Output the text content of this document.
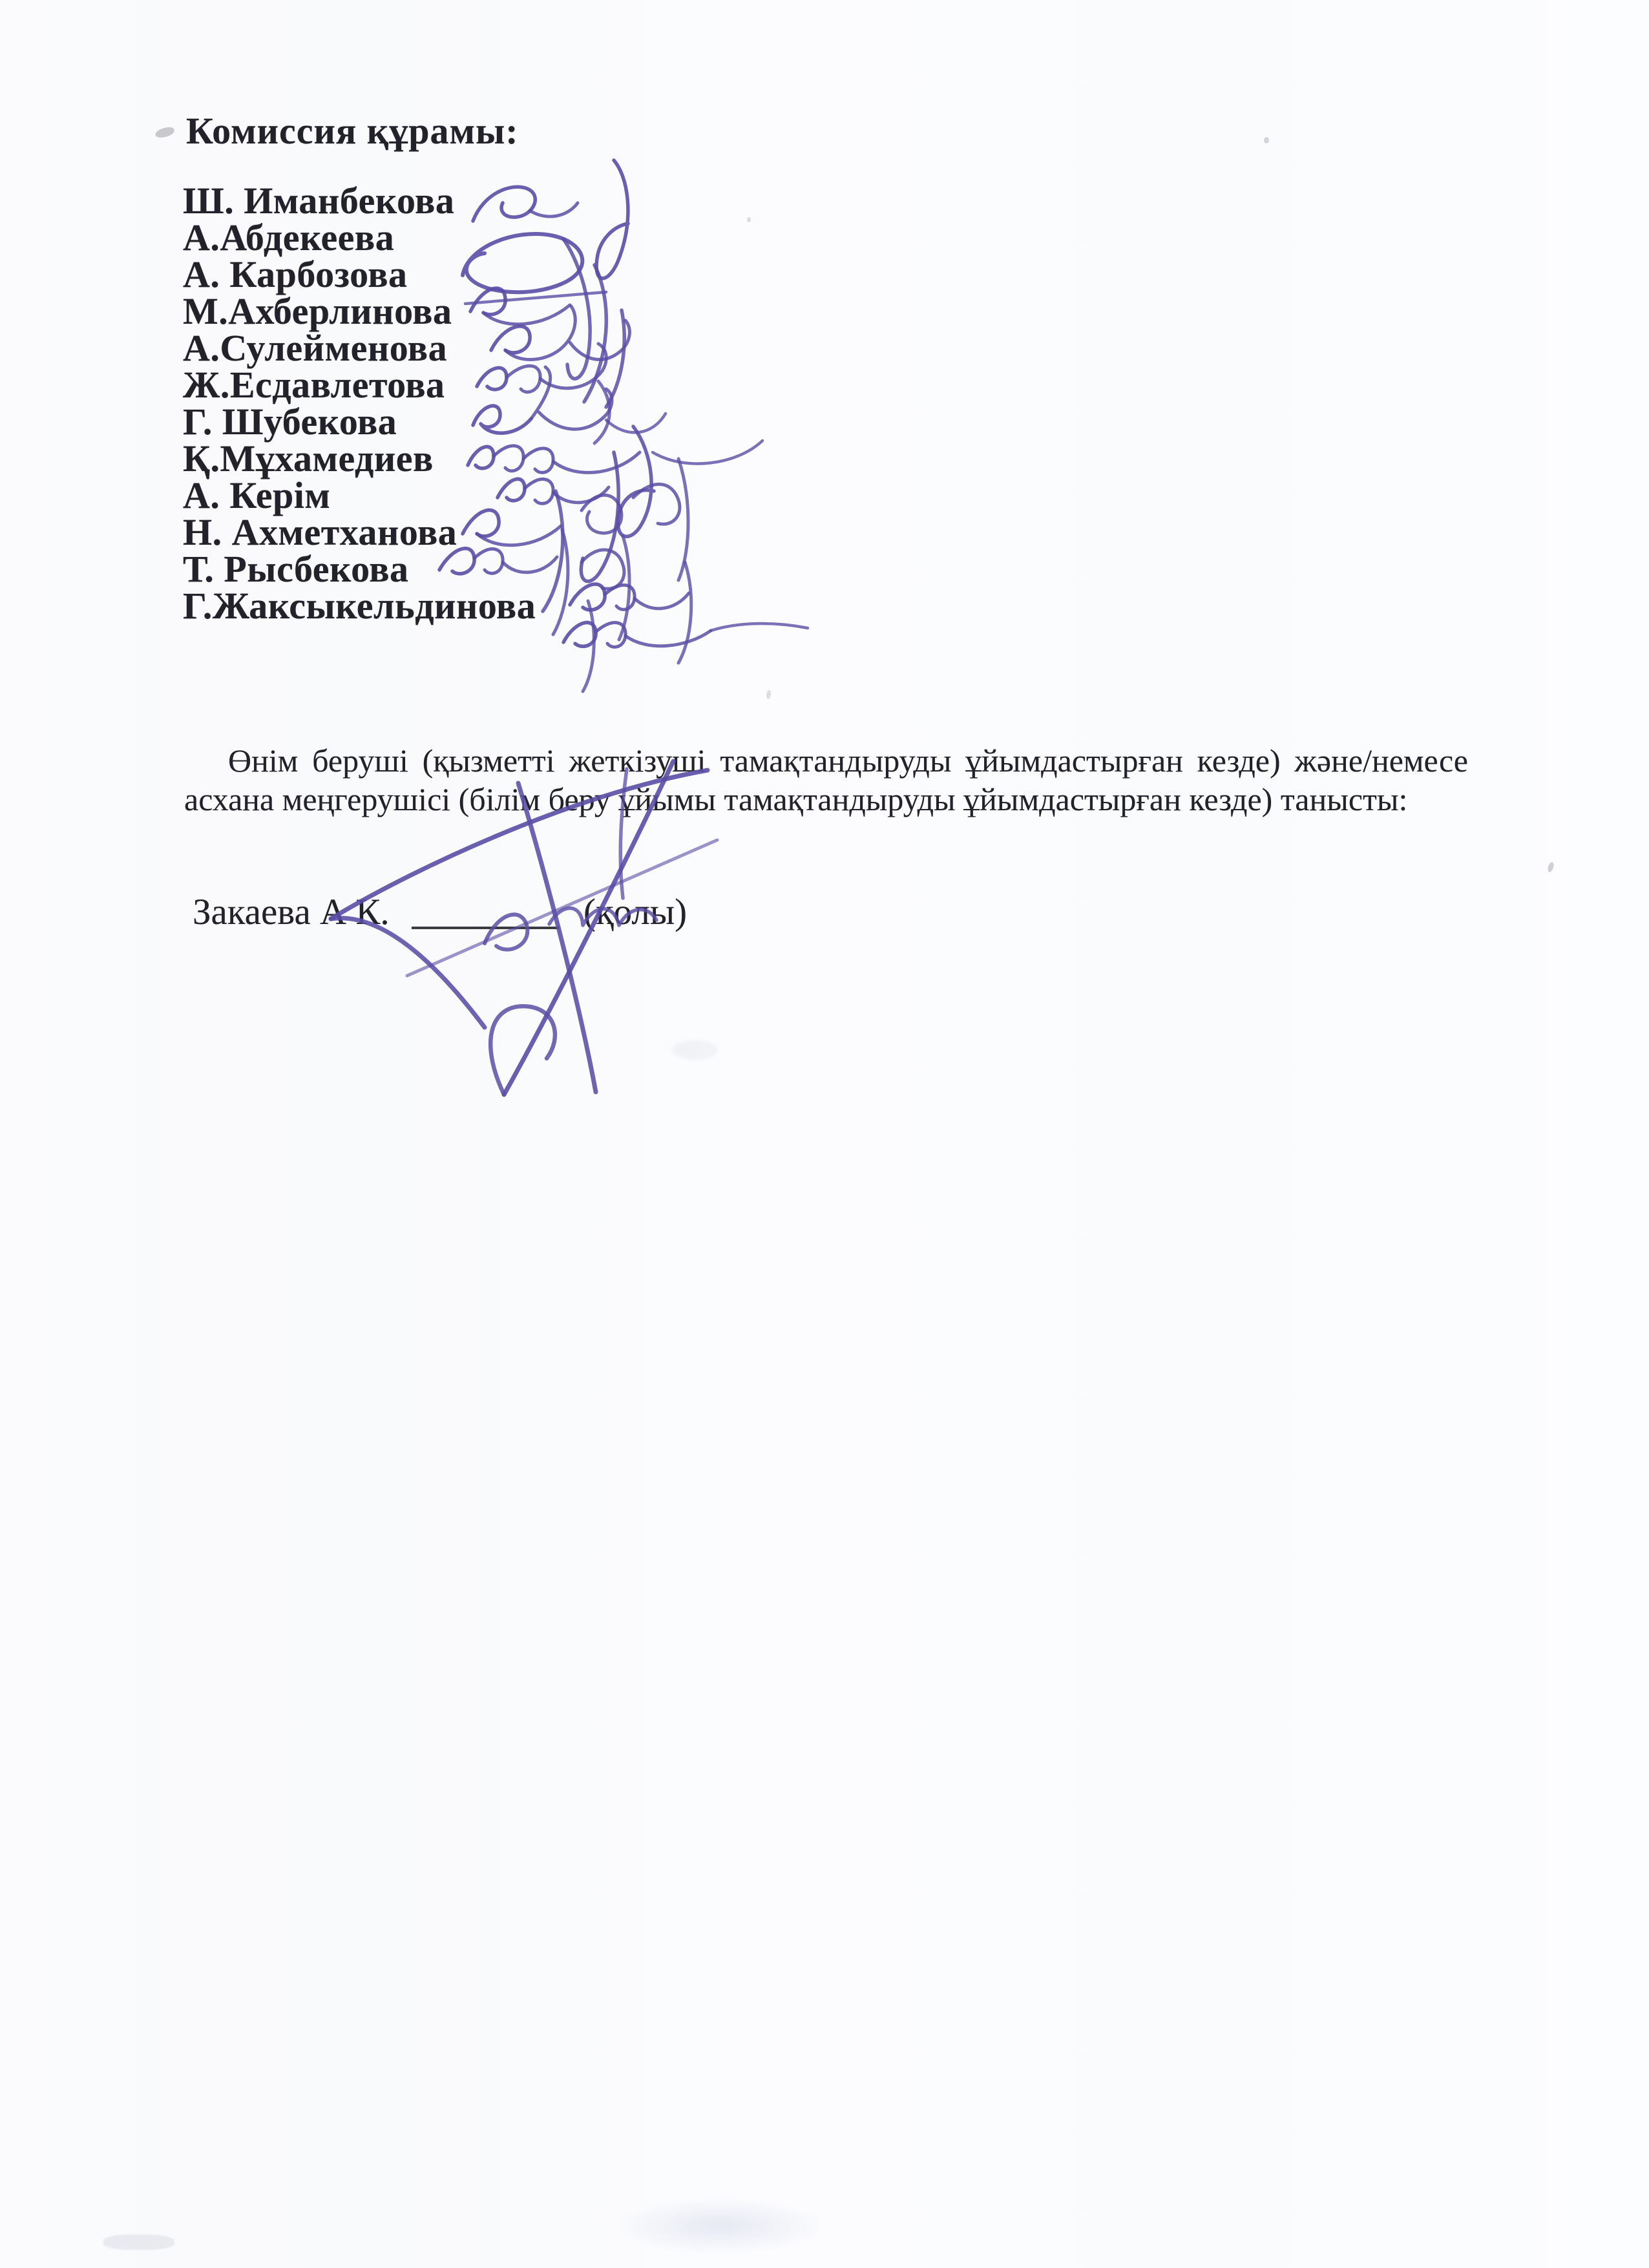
Комиссия құрамы:
Ш. Иманбекова
А.Абдекеева
А. Карбозова
М.Ахберлинова
А.Сулейменова
Ж.Есдавлетова
Г. Шубекова
Қ.Мұхамедиев
А. Керім
Н. Ахметханова
Т. Рысбекова
Г.Жаксыкельдинова

Өнім беруші (қызметті жеткізуші тамақтандыруды ұйымдастырған кезде) және/немесе

асхана меңгерушісі (білім беру ұйымы тамақтандыруды ұйымдастырған кезде) танысты:

Закаева А К.	(қолы)
